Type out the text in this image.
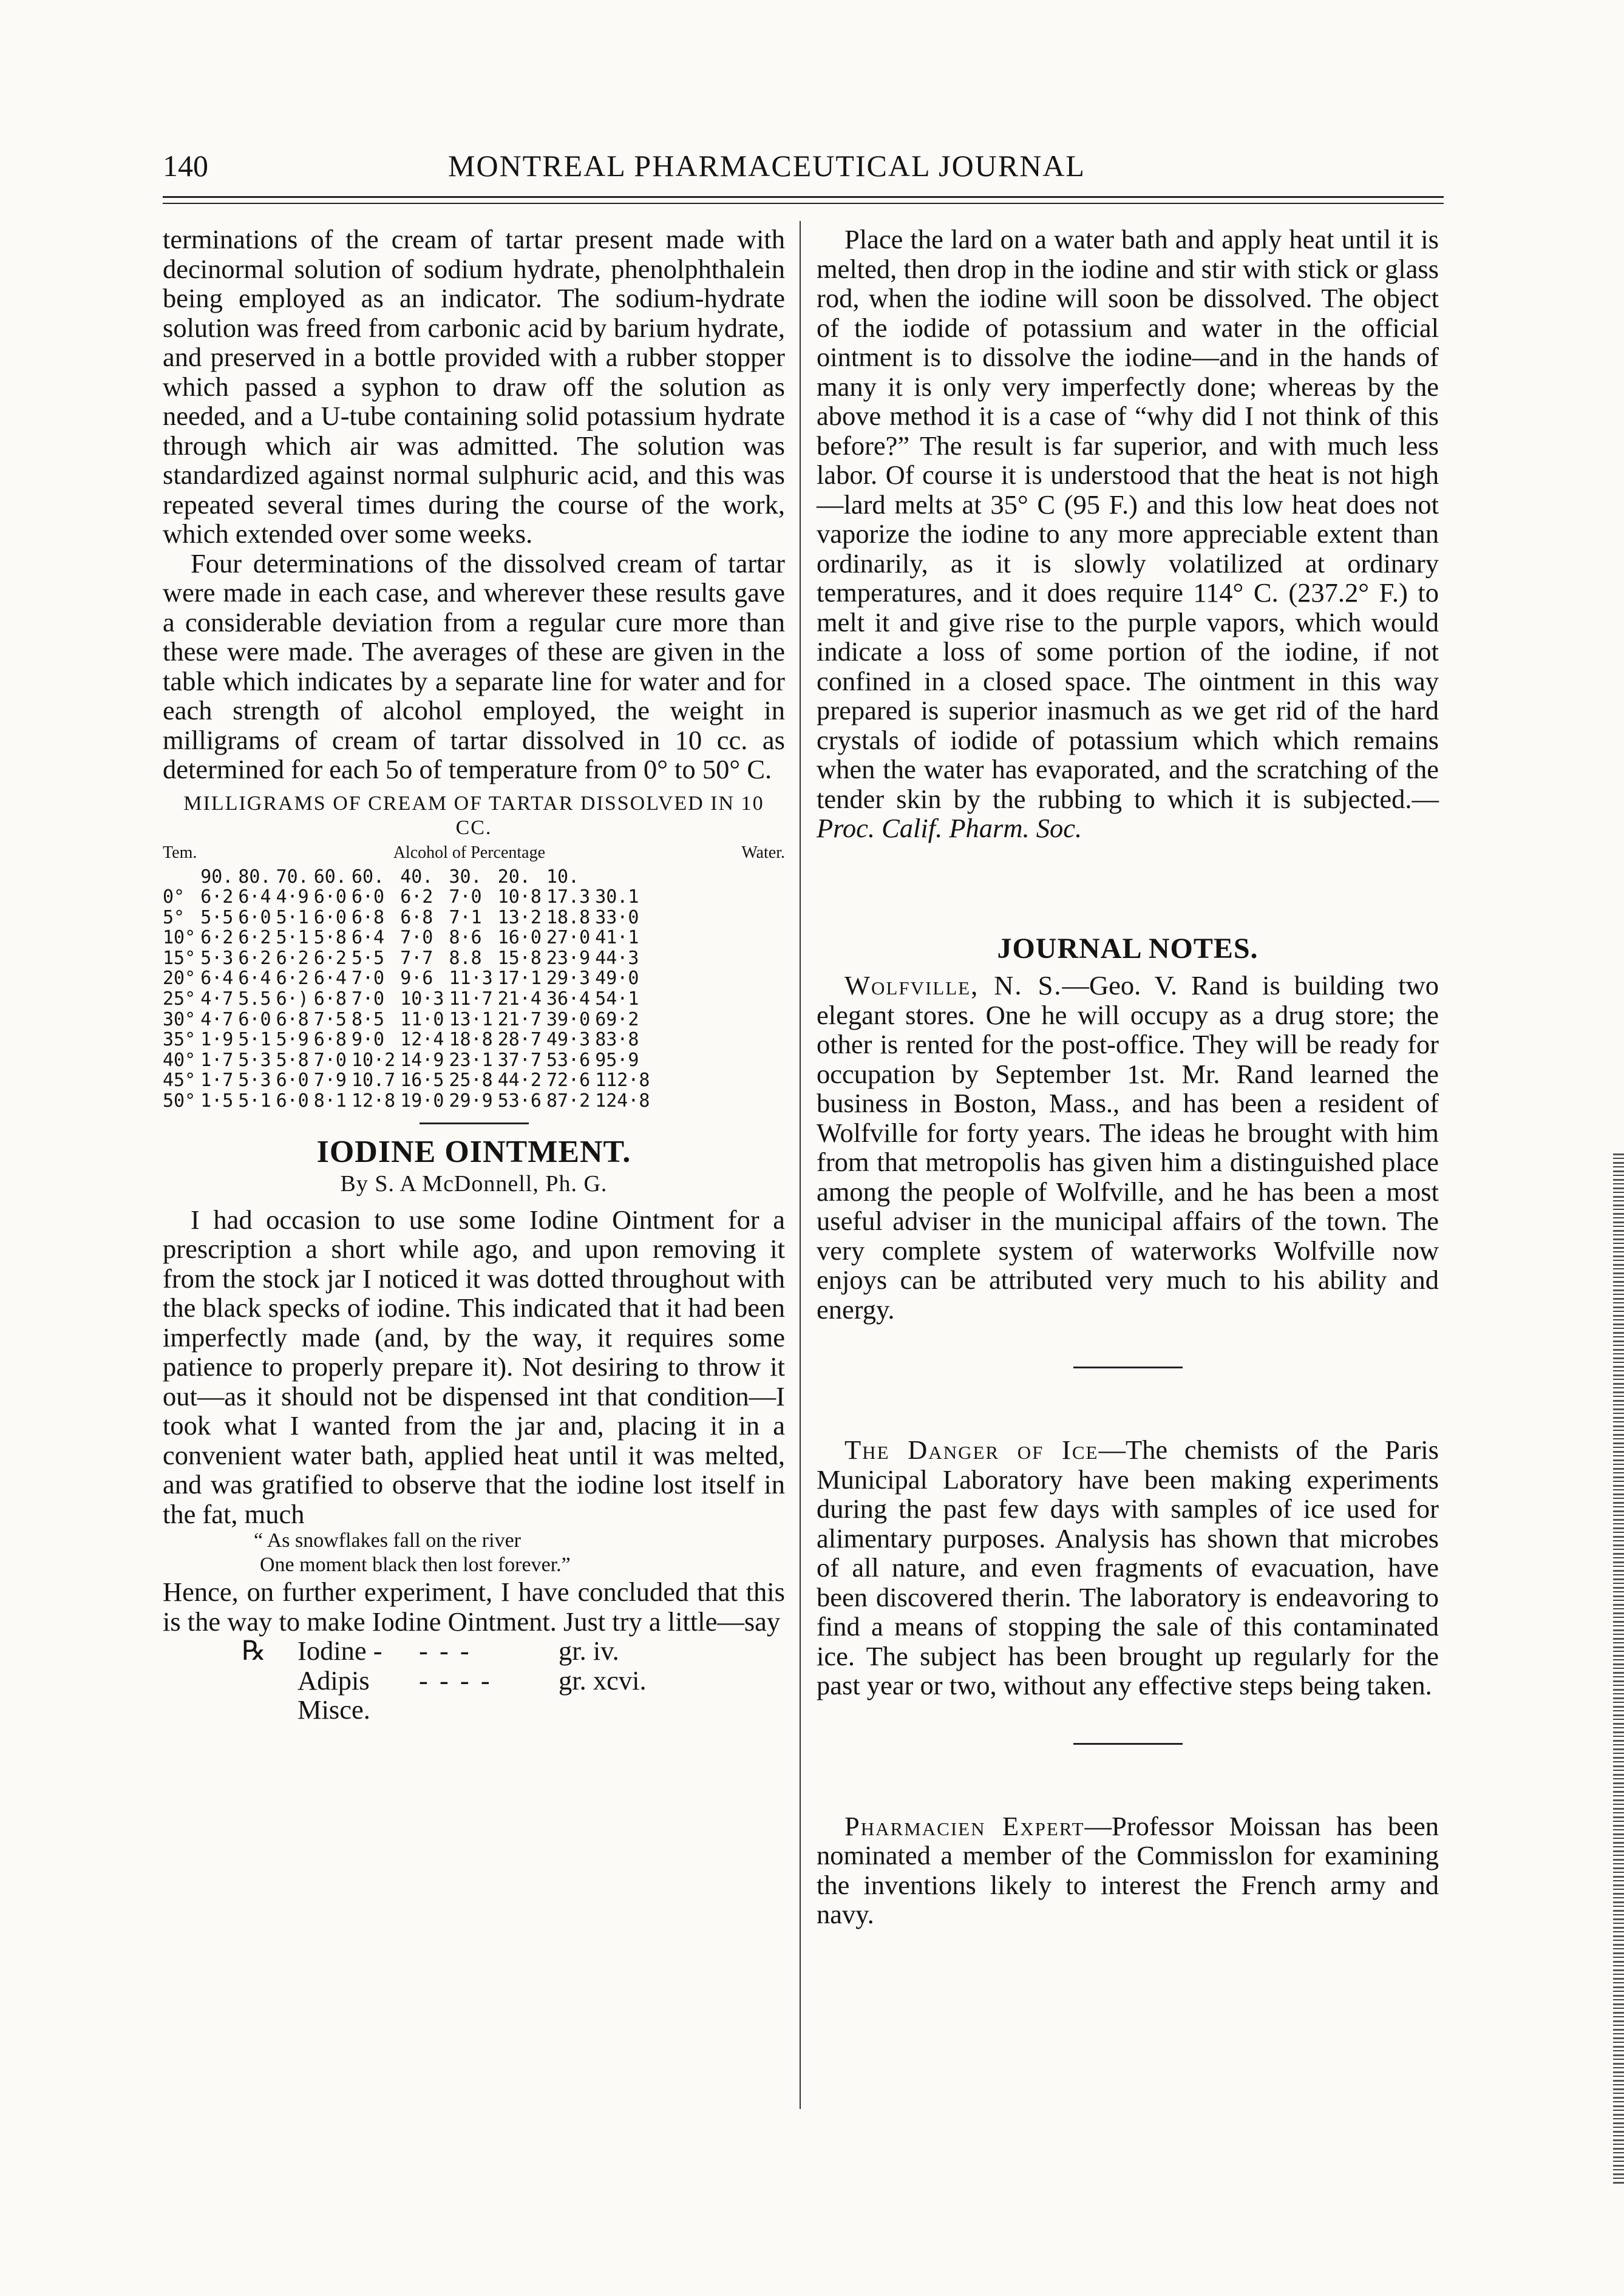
140	MONTREAL PHARMACEUTICAL JOURNAL

terminations of the cream of tartar present made with decinormal solution of sodium hydrate, phenolphthalein being employed as an indicator. The sodium-hydrate solution was freed from carbonic acid by barium hydrate, and preserved in a bottle provided with a rubber stopper which passed a syphon to draw off the solution as needed, and a U-tube containing solid potassium hydrate through which air was admitted. The solution was standardized against normal sulphuric acid, and this was repeated several times during the course of the work, which extended over some weeks.

Four determinations of the dissolved cream of tartar were made in each case, and wherever these results gave a considerable deviation from a regular cure more than these were made. The averages of these are given in the table which indicates by a separate line for water and for each strength of alcohol employed, the weight in milligrams of cream of tartar dissolved in 10 cc. as determined for each 5o of temperature from 0° to 50° C.

MILLIGRAMS OF CREAM OF TARTAR DISSOLVED IN 10 CC.
Tem.	Alcohol of Percentage	Water.
	90.	80.	70.	60.	60.	40.	30.	20.	10.	
0°	6·2	6·4	4·9	6·0	6·0	6·2	7·0	10·8	17.3	30.1
5°	5·5	6·0	5·1	6·0	6·8	6·8	7·1	13·2	18.8	33·0
10°	6·2	6·2	5·1	5·8	6·4	7·0	8·6	16·0	27·0	41·1
15°	5·3	6·2	6·2	6·2	5·5	7·7	8.8	15·8	23·9	44·3
20°	6·4	6·4	6·2	6·4	7·0	9·6	11·3	17·1	29·3	49·0
25°	4·7	5.5	6·)	6·8	7·0	10·3	11·7	21·4	36·4	54·1
30°	4·7	6·0	6·8	7·5	8·5	11·0	13·1	21·7	39·0	69·2
35°	1·9	5·1	5·9	6·8	9·0	12·4	18·8	28·7	49·3	83·8
40°	1·7	5·3	5·8	7·0	10·2	14·9	23·1	37·7	53·6	95·9
45°	1·7	5·3	6·0	7·9	10.7	16·5	25·8	44·2	72·6	112·8
50°	1·5	5·1	6·0	8·1	12·8	19·0	29·9	53·6	87·2	124·8
IODINE OINTMENT.
By S. A McDonnell, Ph. G.

I had occasion to use some Iodine Ointment for a prescription a short while ago, and upon removing it from the stock jar I noticed it was dotted throughout with the black specks of iodine. This indicated that it had been imperfectly made (and, by the way, it requires some patience to properly prepare it). Not desiring to throw it out—as it should not be dispensed int that condition—I took what I wanted from the jar and, placing it in a convenient water bath, applied heat until it was melted, and was gratified to observe that the iodine lost itself in the fat, much

“ As snowflakes fall on the river
One moment black then lost forever.”

Hence, on further experiment, I have concluded that this is the way to make Iodine Ointment. Just try a little—say

℞	Iodine -	- - -	gr. iv.
Adipis	- - - -	gr. xcvi.
Misce.

Place the lard on a water bath and apply heat until it is melted, then drop in the iodine and stir with stick or glass rod, when the iodine will soon be dissolved. The object of the iodide of potassium and water in the official ointment is to dissolve the iodine—and in the hands of many it is only very imperfectly done; whereas by the above method it is a case of “why did I not think of this before?” The result is far superior, and with much less labor. Of course it is understood that the heat is not high—lard melts at 35° C (95 F.) and this low heat does not vaporize the iodine to any more appreciable extent than ordinarily, as it is slowly volatilized at ordinary temperatures, and it does require 114° C. (237.2° F.) to melt it and give rise to the purple vapors, which would indicate a loss of some portion of the iodine, if not confined in a closed space. The ointment in this way prepared is superior inasmuch as we get rid of the hard crystals of iodide of potassium which which remains when the water has evaporated, and the scratching of the tender skin by the rubbing to which it is subjected.—Proc. Calif. Pharm. Soc.

JOURNAL NOTES.

Wolfville, N. S.—Geo. V. Rand is building two elegant stores. One he will occupy as a drug store; the other is rented for the post-office. They will be ready for occupation by September 1st. Mr. Rand learned the business in Boston, Mass., and has been a resident of Wolfville for forty years. The ideas he brought with him from that metropolis has given him a distinguished place among the people of Wolfville, and he has been a most useful adviser in the municipal affairs of the town. The very complete system of waterworks Wolfville now enjoys can be attributed very much to his ability and energy.

The Danger of Ice—The chemists of the Paris Municipal Laboratory have been making experiments during the past few days with samples of ice used for alimentary purposes. Analysis has shown that microbes of all nature, and even fragments of evacuation, have been discovered therin. The laboratory is endeavoring to find a means of stopping the sale of this contaminated ice. The subject has been brought up regularly for the past year or two, without any effective steps being taken.

Pharmacien Expert—Professor Moissan has been nominated a member of the Commisslon for examining the inventions likely to interest the French army and navy.
